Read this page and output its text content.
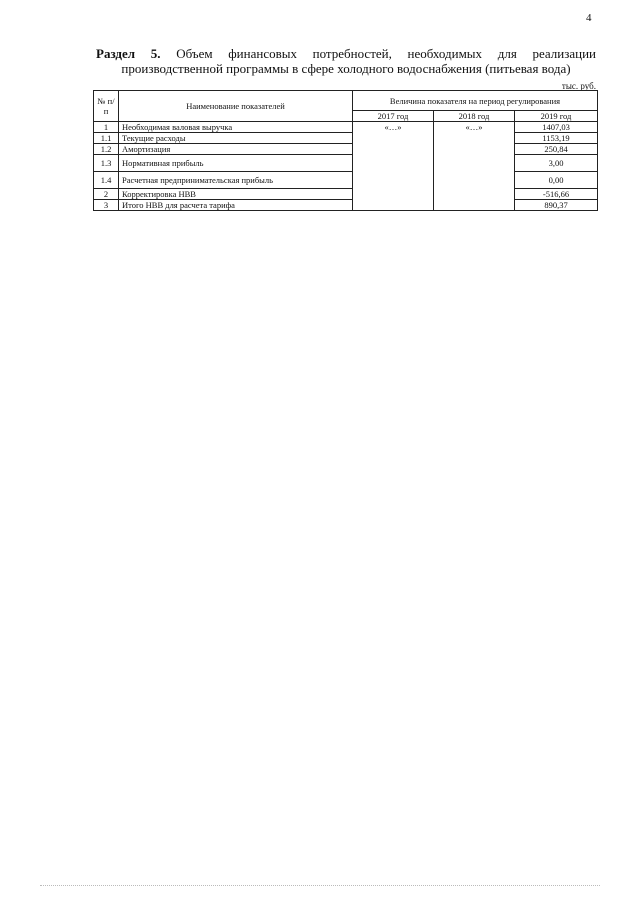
4
Раздел 5. Объем финансовых потребностей, необходимых для реализации производственной программы в сфере холодного водоснабжения (питьевая вода)
тыс. руб.
№ п/п	Наименование показателей	Величина показателя на период регулирования		
		2017 год	2018 год	2019 год
1	Необходимая валовая выручка	«…»	«…»	1407,03
1.1	Текущие расходы			1153,19
1.2	Амортизация			250,84
1.3	Нормативная прибыль			3,00
1.4	Расчетная предпринимательская прибыль			0,00
2	Корректировка НВВ			-516,66
3	Итого НВВ для расчета тарифа			890,37
